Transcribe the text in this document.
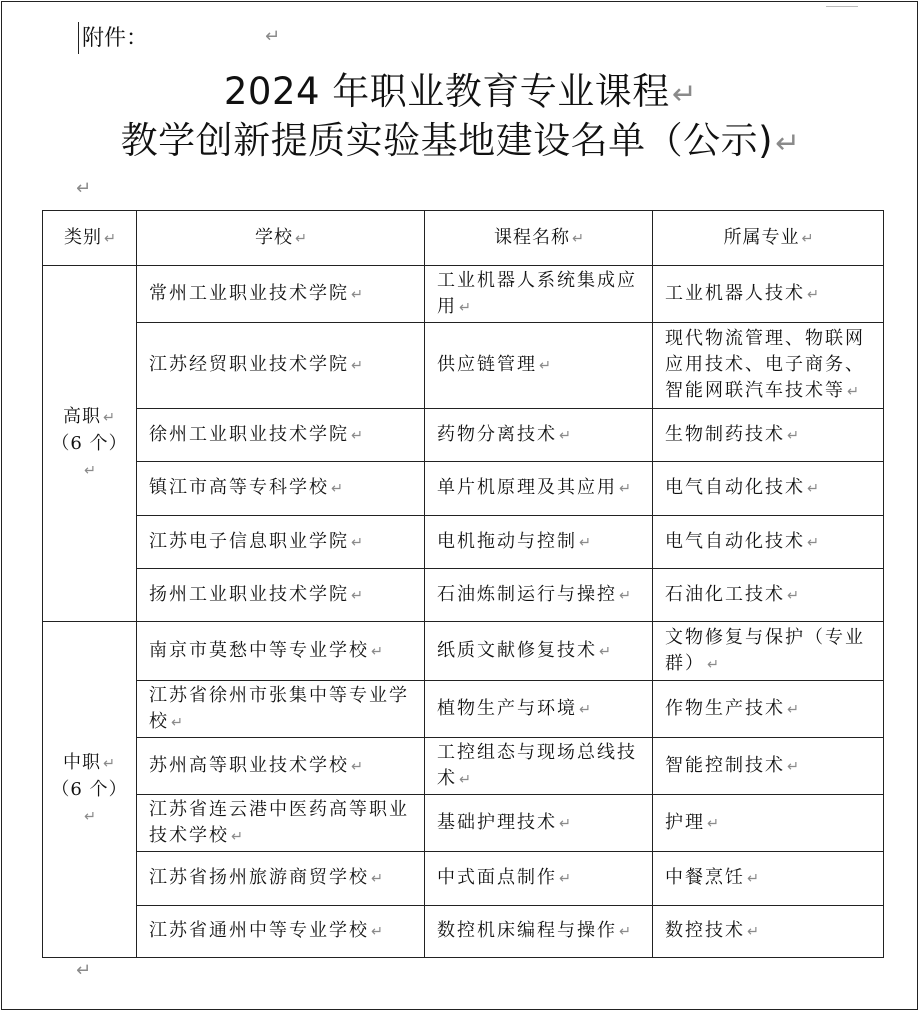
附件：	↵
2024 年职业教育专业课程↵
教学创新提质实验基地建设名单（公示)↵
↵
类别 ↵	学校 ↵	课程名称 ↵	所属专业 ↵
高职 ↵
（6 个）↵	常州工业职业技术学院 ↵	工业机器人系统集成应用 ↵	工业机器人技术 ↵
	江苏经贸职业技术学院 ↵	供应链管理 ↵	现代物流管理、物联网应用技术、电子商务、智能网联汽车技术等 ↵
	徐州工业职业技术学院 ↵	药物分离技术 ↵	生物制药技术 ↵
	镇江市高等专科学校 ↵	单片机原理及其应用 ↵	电气自动化技术 ↵
	江苏电子信息职业学院 ↵	电机拖动与控制 ↵	电气自动化技术 ↵
	扬州工业职业技术学院 ↵	石油炼制运行与操控 ↵	石油化工技术 ↵
中职 ↵
（6 个）↵	南京市莫愁中等专业学校 ↵	纸质文献修复技术 ↵	文物修复与保护（专业群） ↵
	江苏省徐州市张集中等专业学校 ↵	植物生产与环境 ↵	作物生产技术 ↵
	苏州高等职业技术学校 ↵	工控组态与现场总线技术 ↵	智能控制技术 ↵
	江苏省连云港中医药高等职业技术学校 ↵	基础护理技术 ↵	护理 ↵
	江苏省扬州旅游商贸学校 ↵	中式面点制作 ↵	中餐烹饪 ↵
	江苏省通州中等专业学校 ↵	数控机床编程与操作 ↵	数控技术 ↵
↵
